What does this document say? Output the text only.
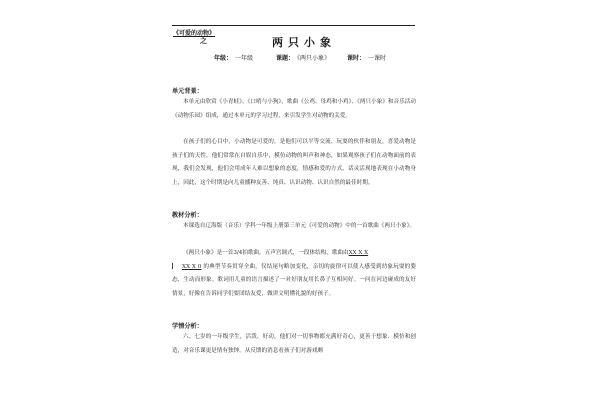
《可爱的动物》
之	两只小象
年级： 一年级	课题： 《两只小象》	课时： 一课时
单元背景：
本单元由欣赏《小青蛙》、《口哨与小狗》，歌曲《公鸡、母鸡和小鸡》、《两只小象》和音乐活动《动物乐园》组成，通过本单元的学习过程，来引发学生对动物的关爱。
在孩子们的心目中，小动物是可爱的，是他们可以平等交流、玩耍的伙伴和朋友，喜爱动物是孩子们的天性，他们常常在自娱自乐中，模仿动物的叫声和神态，如果观察孩子们在动物面前的表现，我们会发现，他们会用成年人难以想象的态度，情感和爱的方式，话灵活现地表现在小动物身上，因此，这个时期是向儿童播种友善、纯真、认识动物、认识自然的最佳时期。
教材分析：
本课选自辽海版（音乐）学科一年级上册第三单元《可爱的动物》中的一首歌曲《两只小象》。
《两只小象》是一首3/4拍歌曲，五声宫调式，一段体结构，歌曲由XX X X
XX X 0 的典型节奏贯穿全曲，仅结尾句略加变化，亲切的旋律可以使人感受到幼象玩耍的姿态，生动而形象。歌词用儿童的语言描述了一对好朋友用长鼻子互相问好。一问在河边碰成的友好情景，好像在告诉同学们要团结友爱，做讲文明懂礼貌的好孩子。
学情分析：
六、七岁的一年级学生，活泼、好动，他们对一切事物都充满好奇心，更善于想象、模仿和创造，对音乐课更是情有独钟，从反馈的消息看孩子们对游戏颇
